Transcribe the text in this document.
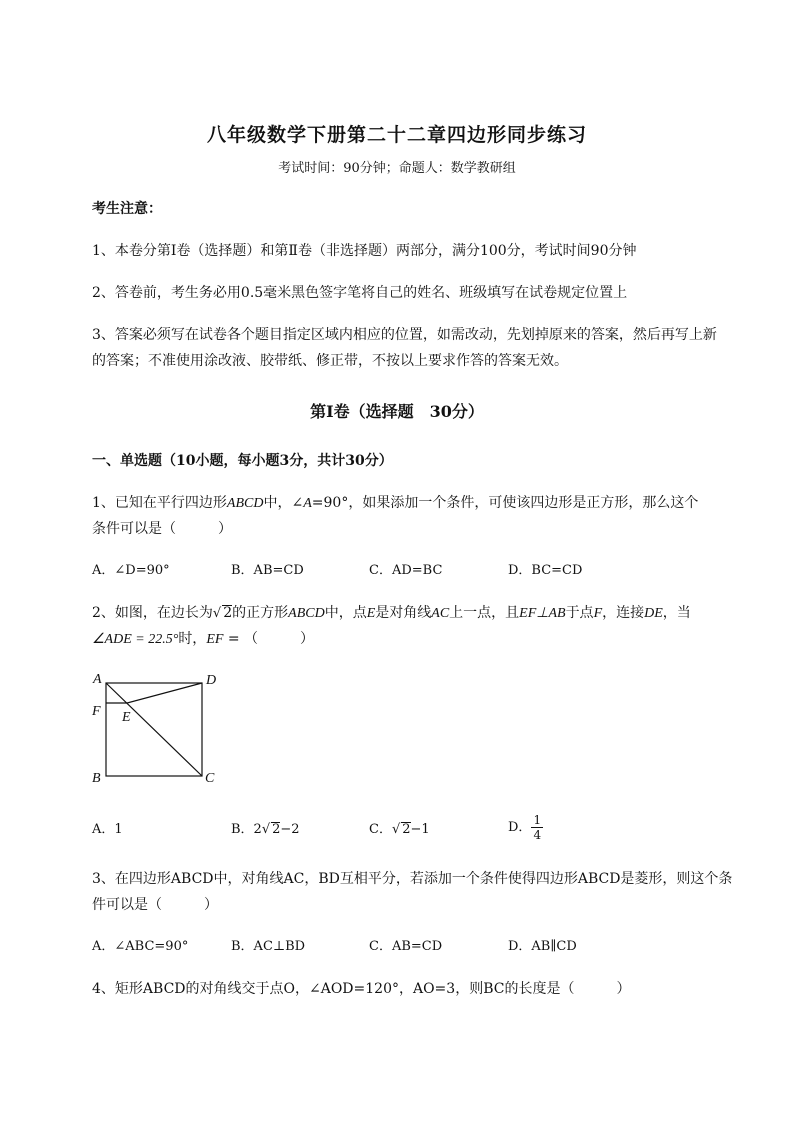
八年级数学下册第二十二章四边形同步练习
考试时间：90分钟；命题人：数学教研组
考生注意：
1、本卷分第Ⅰ卷（选择题）和第Ⅱ卷（非选择题）两部分，满分100分，考试时间90分钟
2、答卷前，考生务必用0.5毫米黑色签字笔将自己的姓名、班级填写在试卷规定位置上
3、答案必须写在试卷各个题目指定区域内相应的位置，如需改动，先划掉原来的答案，然后再写上新
的答案；不准使用涂改液、胶带纸、修正带，不按以上要求作答的答案无效。
第Ⅰ卷（选择题　30分）
一、单选题（10小题，每小题3分，共计30分）
1、已知在平行四边形ABCD中，∠A=90°，如果添加一个条件，可使该四边形是正方形，那么这个
条件可以是（　　　）
A．∠D=90°	B．AB=CD	C．AD=BC	D．BC=CD
2、如图，在边长为√ 2的正方形ABCD中，点E是对角线AC上一点，且EF⊥AB于点F，连接DE，当
∠ADE = 22.5°时，EF = （　　　）
A	D
F E
B	C
A．1	B．2√ 2−2	C．√ 2−1	D． $\frac{1}{4}$
3、在四边形ABCD中，对角线AC，BD互相平分，若添加一个条件使得四边形ABCD是菱形，则这个条
件可以是（　　　）
A．∠ABC=90°	B．AC⊥BD	C．AB=CD	D．AB∥CD
4、矩形ABCD的对角线交于点O，∠AOD=120°，AO=3，则BC的长度是（　　　）
